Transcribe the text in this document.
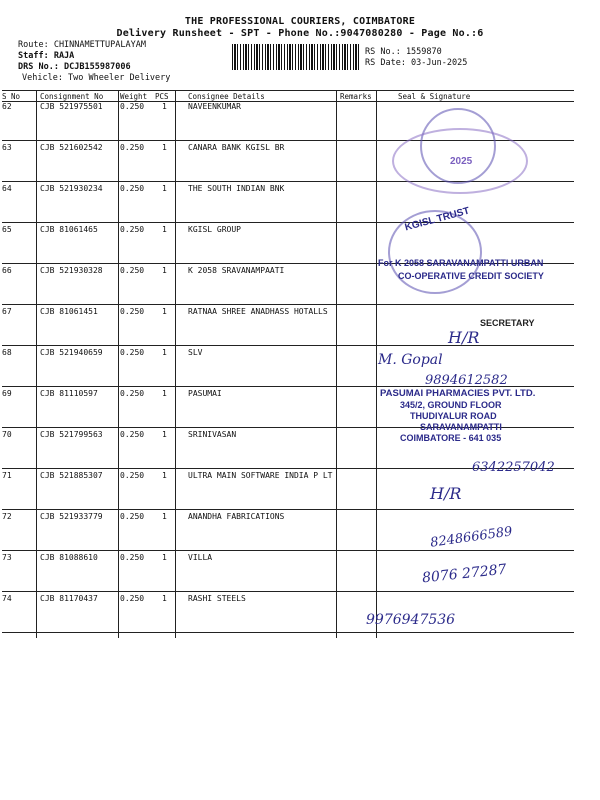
THE PROFESSIONAL COURIERS, COIMBATORE
Delivery Runsheet - SPT - Phone No.:9047080280 - Page No.:6
Route: CHINNAMETTUPALAYAM
Staff: RAJA
DRS No.: DCJB155987006
Vehicle: Two Wheeler Delivery
RS No.: 1559870
RS Date: 03-Jun-2025
S No	Consignment No Weight PCS	Consignee Details	Remarks	Seal & Signature
62	CJB 521975501 0.250 1	NAVEENKUMAR
63	CJB 521602542 0.250 1	CANARA BANK KGISL BR
64	CJB 521930234 0.250 1	THE SOUTH INDIAN BNK
65	CJB 81061465	0.250 1	KGISL GROUP
66	CJB 521930328 0.250 1	K 2058 SRAVANAMPAATI
67	CJB 81061451	0.250 1	RATNAA SHREE ANADHASS HOTALLS
68	CJB 521940659 0.250 1	SLV
69	CJB 81110597	0.250 1	PASUMAI
70	CJB 521799563 0.250 1	SRINIVASAN
71	CJB 521885307 0.250 1	ULTRA MAIN SOFTWARE INDIA P LT
72	CJB 521933779 0.250 1	ANANDHA FABRICATIONS
73	CJB 81088610	0.250 1	VILLA
74	CJB 81170437	0.250 1	RASHI STEELS
2025
KGISL TRUST
For K 2058 SARAVANAMPATTI URBAN
CO-OPERATIVE CREDIT SOCIETY
SECRETARY
H/R
M. Gopal
9894612582
PASUMAI PHARMACIES PVT. LTD.
345/2, GROUND FLOOR
THUDIYALUR ROAD
SARAVANAMPATTI
COIMBATORE - 641 035
6342257042
H/R
8248666589
8076 27287
9976947536
